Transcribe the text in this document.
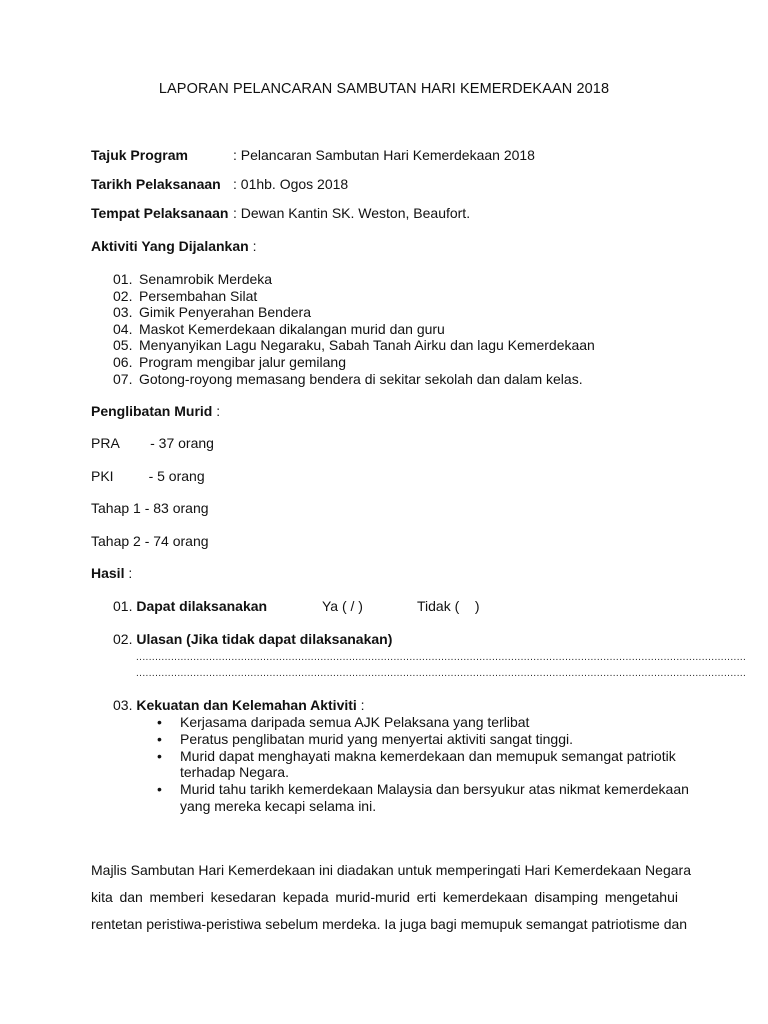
LAPORAN PELANCARAN SAMBUTAN HARI KEMERDEKAAN 2018
Tajuk Program	: Pelancaran Sambutan Hari Kemerdekaan 2018
Tarikh Pelaksanaan : 01hb. Ogos 2018
Tempat Pelaksanaan : Dewan Kantin SK. Weston, Beaufort.
Aktiviti Yang Dijalankan :
01. Senamrobik Merdeka
02. Persembahan Silat
03. Gimik Penyerahan Bendera
04. Maskot Kemerdekaan dikalangan murid dan guru
05. Menyanyikan Lagu Negaraku, Sabah Tanah Airku dan lagu Kemerdekaan
06. Program mengibar jalur gemilang
07. Gotong-royong memasang bendera di sekitar sekolah dan dalam kelas.
Penglibatan Murid :
PRA        - 37 orang
PKI         - 5 orang
Tahap 1 - 83 orang
Tahap 2 - 74 orang
Hasil :
01. Dapat dilaksanakan	Ya ( / )	Tidak (    )
02. Ulasan (Jika tidak dapat dilaksanakan)
................................................................................................................................................................................................
................................................................................................................................................................................................
03. Kekuatan dan Kelemahan Aktiviti :
• Kerjasama daripada semua AJK Pelaksana yang terlibat
• Peratus penglibatan murid yang menyertai aktiviti sangat tinggi.
• Murid dapat menghayati makna kemerdekaan dan memupuk semangat patriotik terhadap Negara.
• Murid tahu tarikh kemerdekaan Malaysia dan bersyukur atas nikmat kemerdekaan yang mereka kecapi selama ini.
Majlis Sambutan Hari Kemerdekaan ini diadakan untuk memperingati Hari Kemerdekaan Negara
kita dan memberi kesedaran kepada murid-murid erti kemerdekaan disamping mengetahui
rentetan peristiwa-peristiwa sebelum merdeka. Ia juga bagi memupuk semangat patriotisme dan
